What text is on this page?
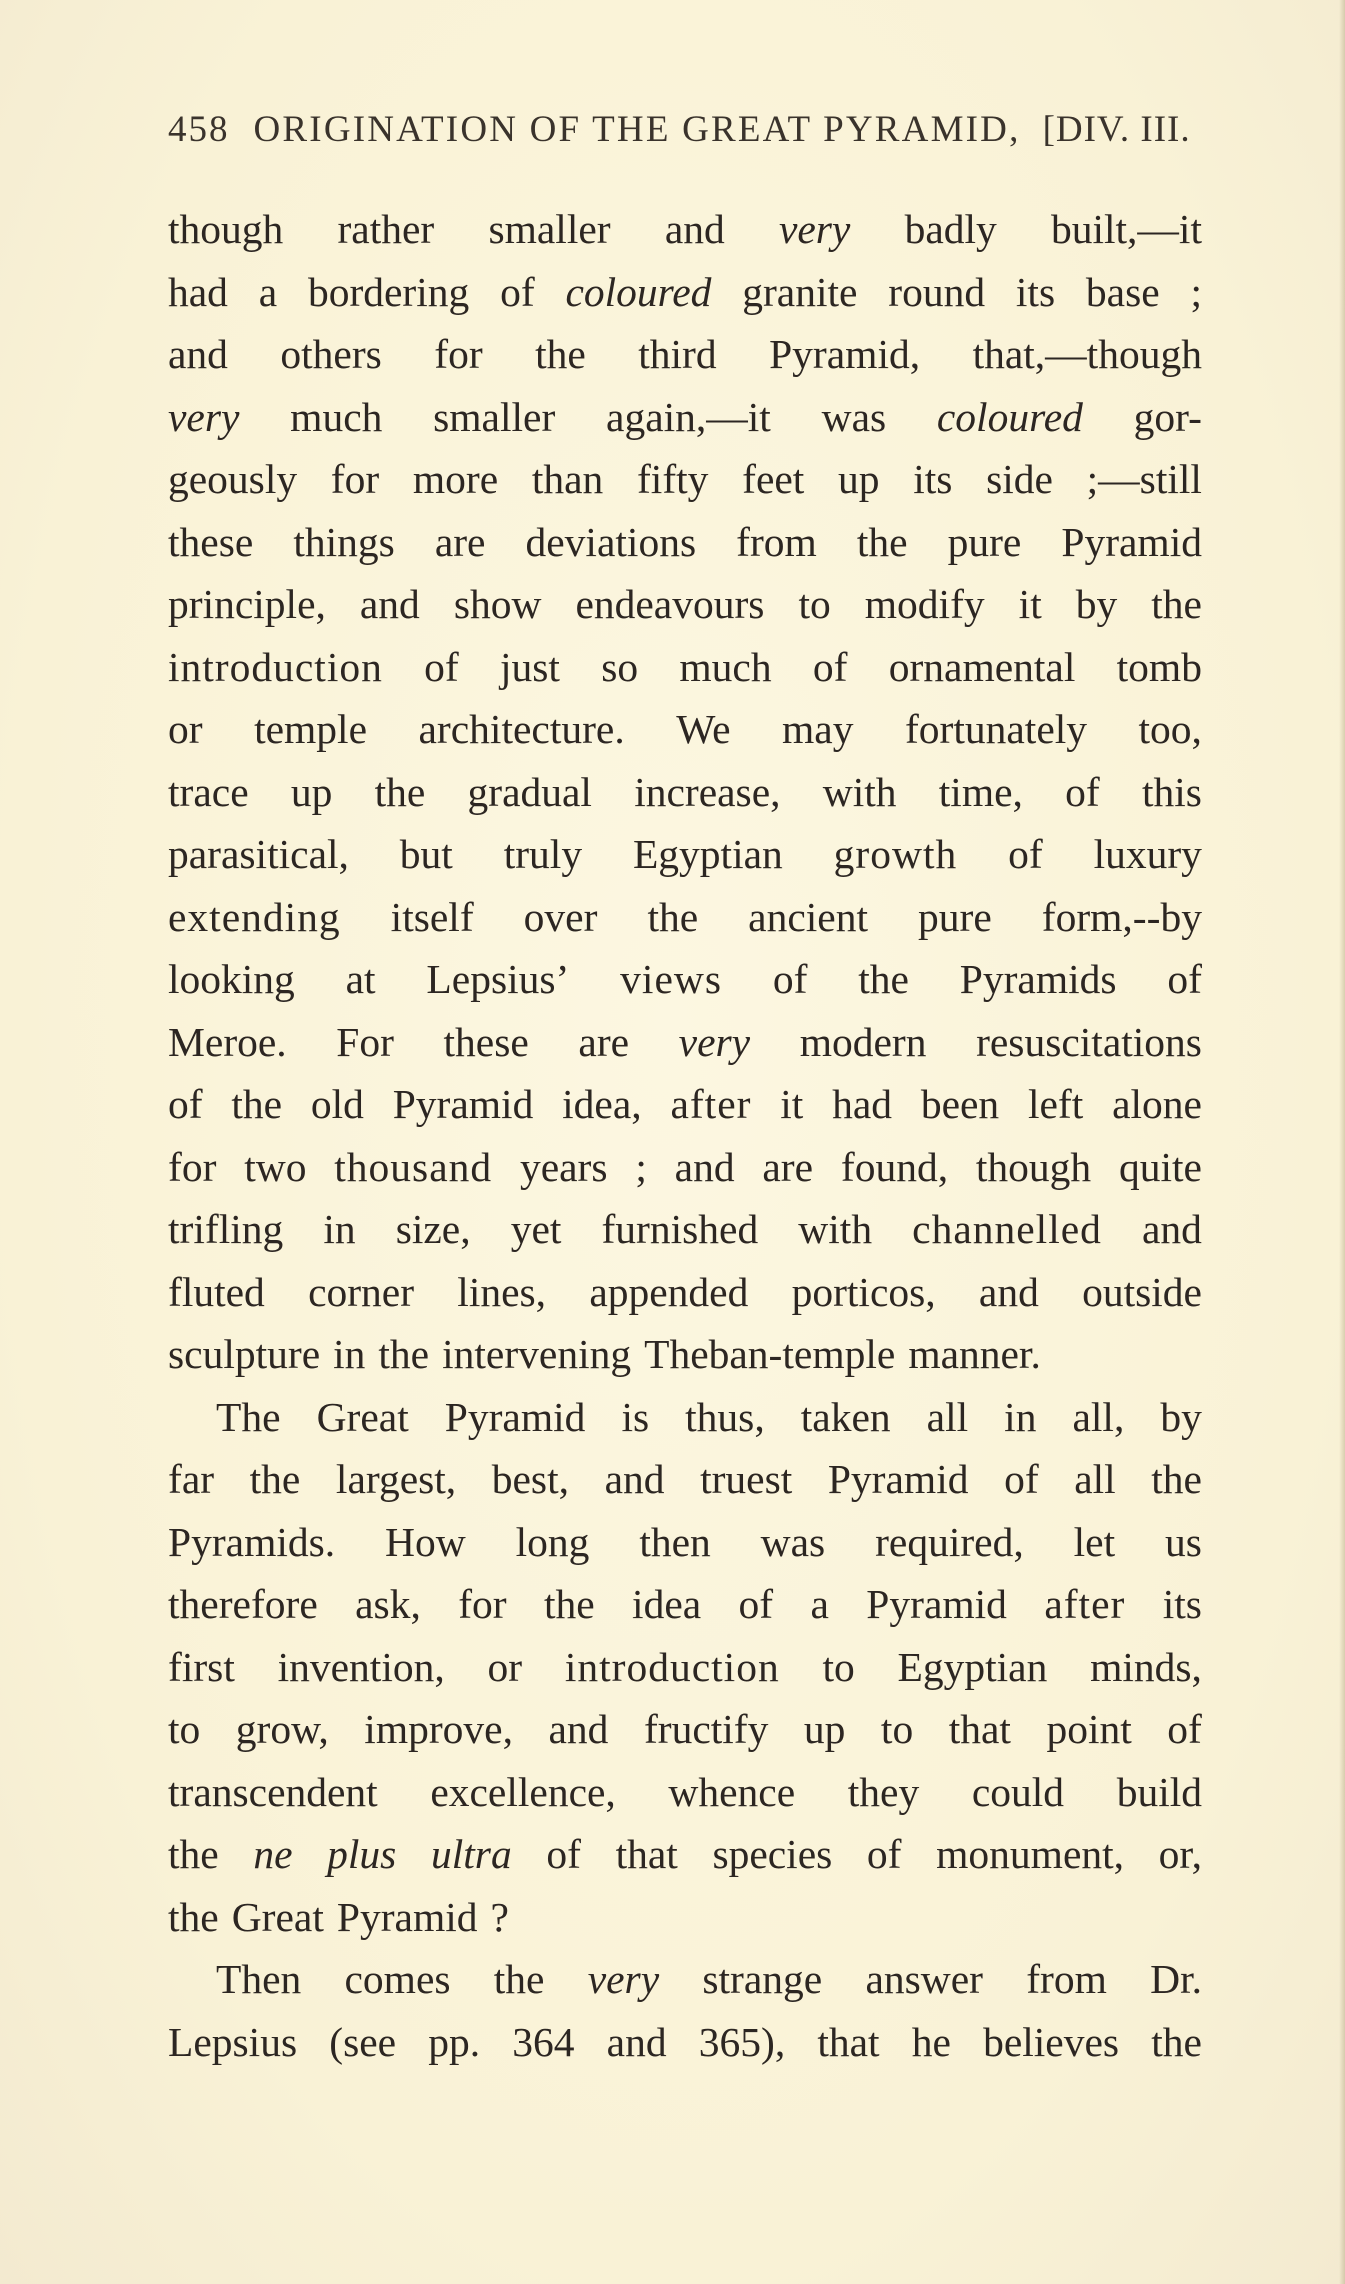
458 ORIGINATION OF THE GREAT PYRAMID, [DIV. III.
though rather smaller and very badly built,—it
had a bordering of coloured granite round its base ;
and others for the third Pyramid, that,—though
very much smaller again,—it was coloured gor-
geously for more than fifty feet up its side ;—still
these things are deviations from the pure Pyramid
principle, and show endeavours to modify it by the
introduction of just so much of ornamental tomb
or temple architecture. We may fortunately too,
trace up the gradual increase, with time, of this
parasitical, but truly Egyptian growth of luxury
extending itself over the ancient pure form,--by
looking at Lepsius’ views of the Pyramids of
Meroe. For these are very modern resuscitations
of the old Pyramid idea, after it had been left alone
for two thousand years ; and are found, though quite
trifling in size, yet furnished with channelled and
fluted corner lines, appended porticos, and outside
sculpture in the intervening Theban-temple manner.
The Great Pyramid is thus, taken all in all, by
far the largest, best, and truest Pyramid of all the
Pyramids. How long then was required, let us
therefore ask, for the idea of a Pyramid after its
first invention, or introduction to Egyptian minds,
to grow, improve, and fructify up to that point of
transcendent excellence, whence they could build
the ne plus ultra of that species of monument, or,
the Great Pyramid ?
Then comes the very strange answer from Dr.
Lepsius (see pp. 364 and 365), that he believes the
